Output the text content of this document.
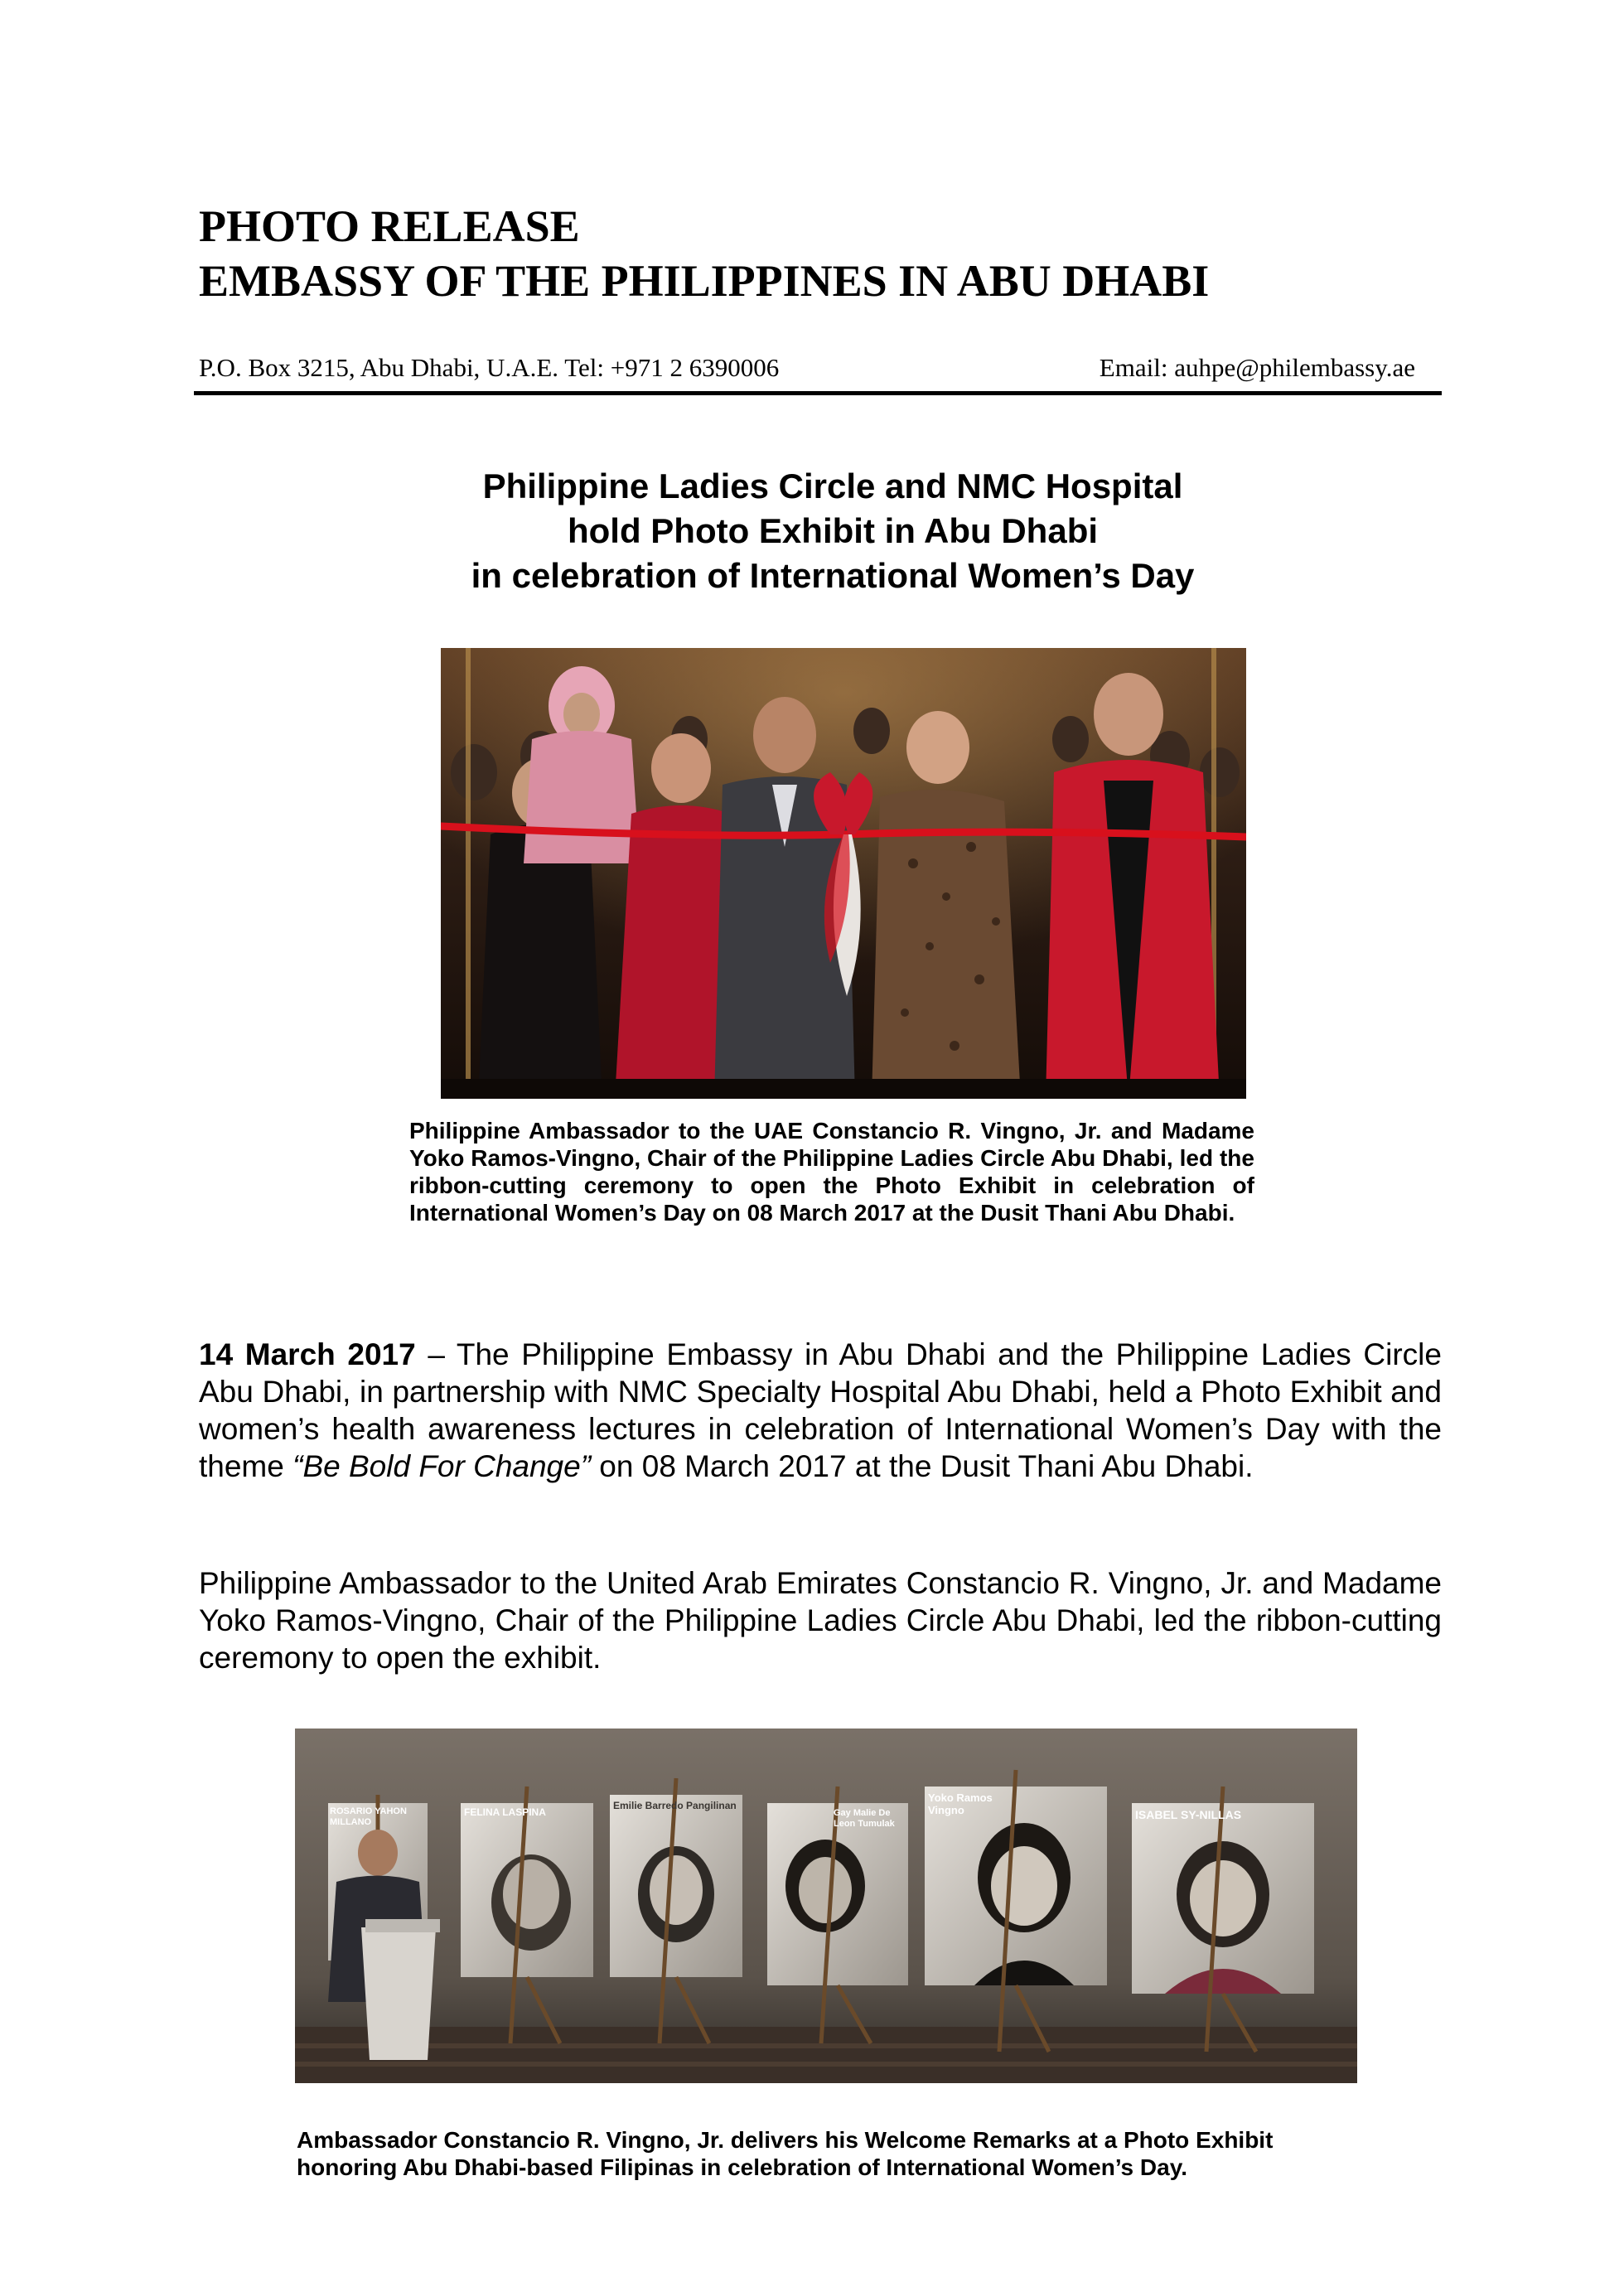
PHOTO RELEASE
EMBASSY OF THE PHILIPPINES IN ABU DHABI
P.O. Box 3215, Abu Dhabi, U.A.E. Tel: +971 2 6390006	Email: auhpe@philembassy.ae
Philippine Ladies Circle and NMC Hospital
hold Photo Exhibit in Abu Dhabi
in celebration of International Women’s Day
Philippine Ambassador to the UAE Constancio R. Vingno, Jr. and Madame Yoko Ramos-Vingno, Chair of the Philippine Ladies Circle Abu Dhabi, led the ribbon-cutting ceremony to open the Photo Exhibit in celebration of International Women’s Day on 08 March 2017 at the Dusit Thani Abu Dhabi.
14 March 2017 – The Philippine Embassy in Abu Dhabi and the Philippine Ladies Circle Abu Dhabi, in partnership with NMC Specialty Hospital Abu Dhabi, held a Photo Exhibit and women’s health awareness lectures in celebration of International Women’s Day with the theme “Be Bold For Change” on 08 March 2017 at the Dusit Thani Abu Dhabi.
Philippine Ambassador to the United Arab Emirates Constancio R. Vingno, Jr. and Madame Yoko Ramos-Vingno, Chair of the Philippine Ladies Circle Abu Dhabi, led the ribbon-cutting ceremony to open the exhibit.
ROSARIO YAHON MILLANO
FELINA LASPINA
Emilie Barredo Pangilinan
Gay Malie De Leon Tumulak
Yoko Ramos Vingno	ISABEL SY-NILLAS
Ambassador Constancio R. Vingno, Jr. delivers his Welcome Remarks at a Photo Exhibit
honoring Abu Dhabi-based Filipinas in celebration of International Women’s Day.
